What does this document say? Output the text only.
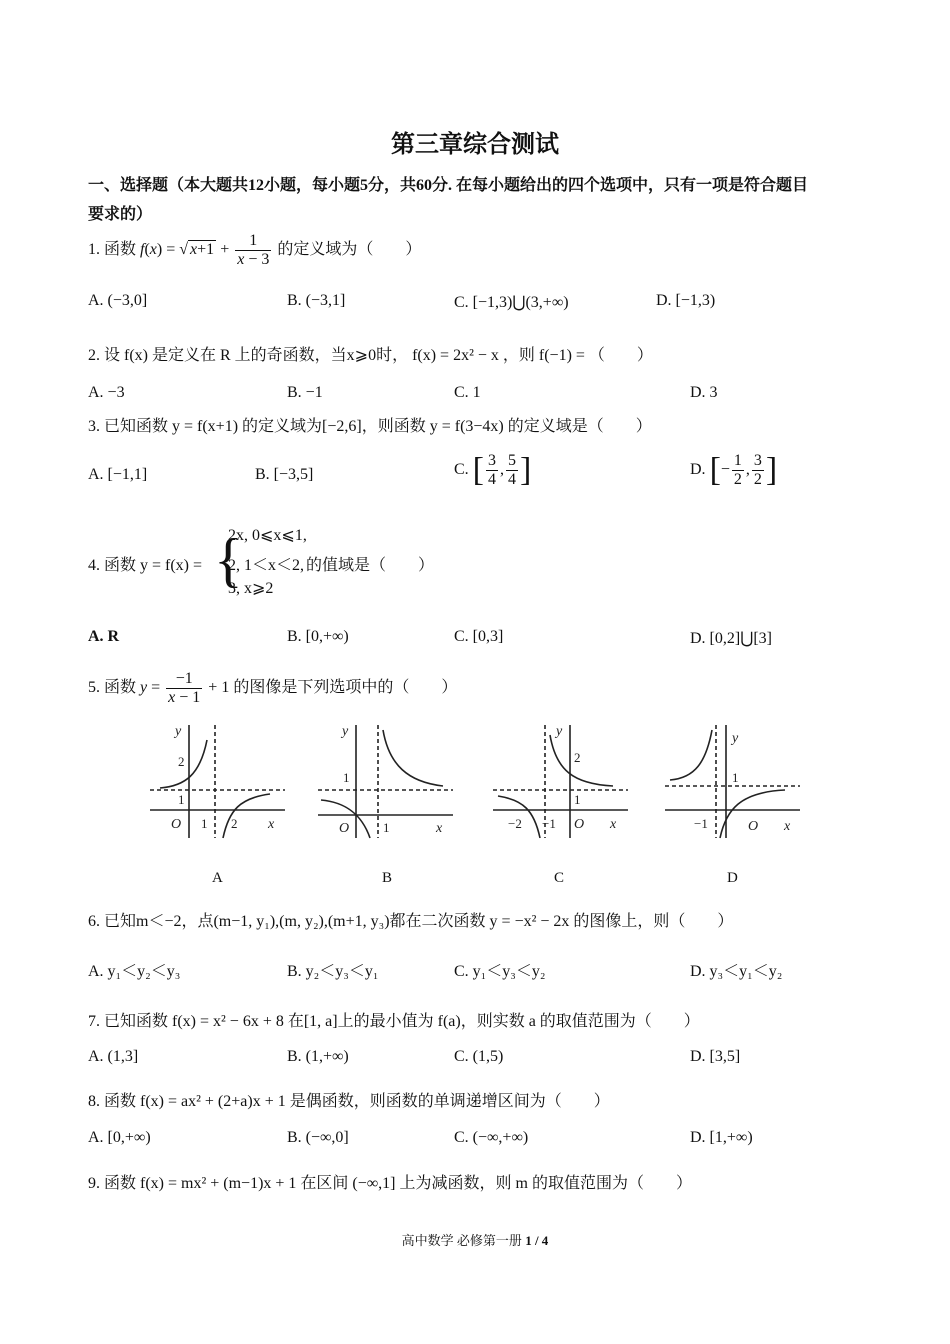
第三章综合测试
一、选择题（本大题共12小题，每小题5分，共60分. 在每小题给出的四个选项中，只有一项是符合题目
要求的）
1. 函数 f(x) = √ $x+1 + \frac{1}{x - 3}$ 的定义域为（　　）
A. (−3,0]	B. (−3,1]	C. [−1,3)⋃(3,+∞)	D. [−1,3)
2. 设 f(x) 是定义在 R 上的奇函数，当x⩾0时， f(x) = 2x² − x ，则 f(−1) = （　　）
A. −3	B. −1	C. 1	D. 3
3. 已知函数 y = f(x+1) 的定义域为[−2,6]，则函数 y = f(3−4x) 的定义域是（　　）
A. [−1,1]	B. [−3,5]	C. [ $\frac{3}{4}$ , $\frac{5}{4}$ ]	D. [− $\frac{1}{2}$ , $\frac{3}{2}$ ]
4. 函数 y = f(x) = {
2x, 0⩽x⩽1,
2, 1＜x＜2,
3, x⩾2
的值域是（　　）
A. R	B. [0,+∞)	C. [0,3]	D. [0,2]⋃[3]
5. 函数 $y = \frac{-1}{x - 1} + 1$ 的图像是下列选项中的（　　）
y
x
O 1 2
1
2
y
x
O	1
1
y
x
O
−2 −1
1
2
y
x
O
−1
1
A	B	C	D
6. 已知m＜−2，点(m−1, y₁),(m, y₂),(m+1, y₃)都在二次函数 y = −x² − 2x 的图像上，则（　　）
A. y₁＜y₂＜y₃	B. y₂＜y₃＜y₁	C. y₁＜y₃＜y₂	D. y₃＜y₁＜y₂
7. 已知函数 f(x) = x² − 6x + 8 在[1, a]上的最小值为 f(a)，则实数 a 的取值范围为（　　）
A. (1,3]	B. (1,+∞)	C. (1,5)	D. [3,5]
8. 函数 f(x) = ax² + (2+a)x + 1 是偶函数，则函数的单调递增区间为（　　）
A. [0,+∞)	B. (−∞,0]	C. (−∞,+∞)	D. [1,+∞)
9. 函数 f(x) = mx² + (m−1)x + 1 在区间 (−∞,1] 上为减函数，则 m 的取值范围为（　　）
高中数学 必修第一册 1 / 4
